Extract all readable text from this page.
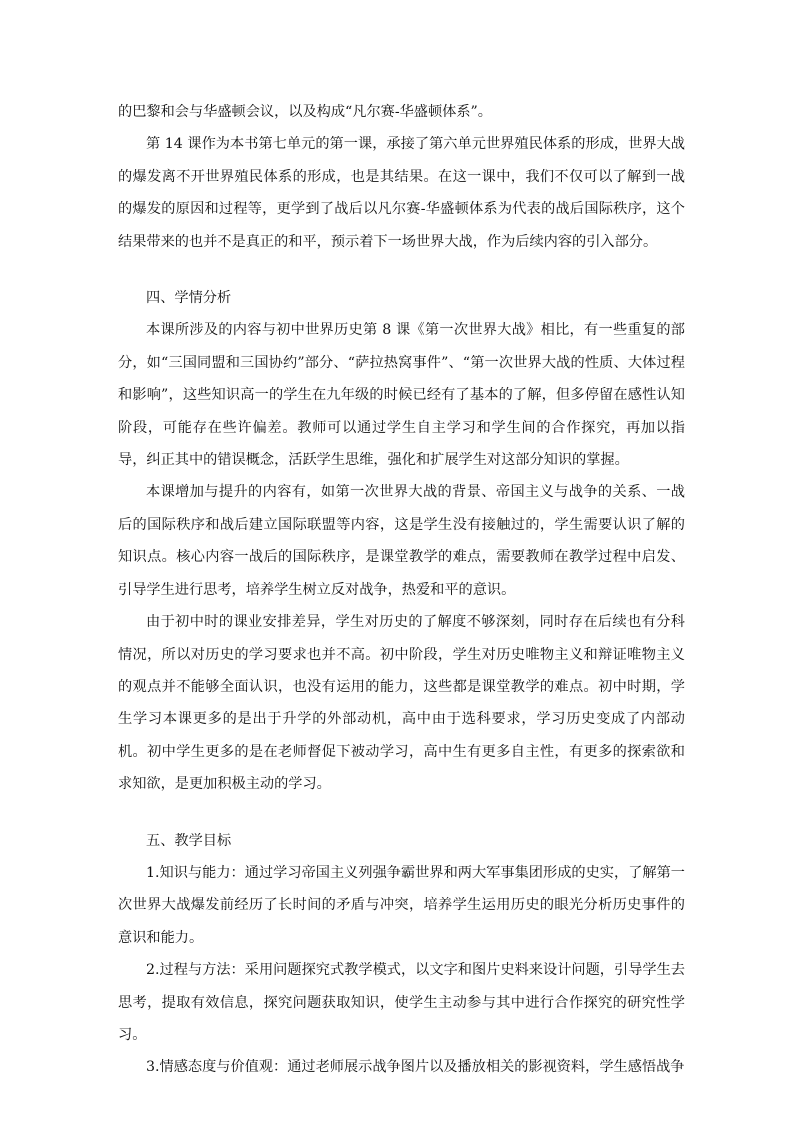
的巴黎和会与华盛顿会议，以及构成“凡尔赛-华盛顿体系”。

第 14 课作为本书第七单元的第一课，承接了第六单元世界殖民体系的形成，世界大战的爆发离不开世界殖民体系的形成，也是其结果。在这一课中，我们不仅可以了解到一战的爆发的原因和过程等，更学到了战后以凡尔赛-华盛顿体系为代表的战后国际秩序，这个结果带来的也并不是真正的和平，预示着下一场世界大战，作为后续内容的引入部分。

四、学情分析

本课所涉及的内容与初中世界历史第 8 课《第一次世界大战》相比，有一些重复的部分，如“三国同盟和三国协约”部分、“萨拉热窝事件”、“第一次世界大战的性质、大体过程和影响”，这些知识高一的学生在九年级的时候已经有了基本的了解，但多停留在感性认知阶段，可能存在些许偏差。教师可以通过学生自主学习和学生间的合作探究，再加以指导，纠正其中的错误概念，活跃学生思维，强化和扩展学生对这部分知识的掌握。

本课增加与提升的内容有，如第一次世界大战的背景、帝国主义与战争的关系、一战后的国际秩序和战后建立国际联盟等内容，这是学生没有接触过的，学生需要认识了解的知识点。核心内容一战后的国际秩序，是课堂教学的难点，需要教师在教学过程中启发、引导学生进行思考，培养学生树立反对战争，热爱和平的意识。

由于初中时的课业安排差异，学生对历史的了解度不够深刻，同时存在后续也有分科情况，所以对历史的学习要求也并不高。初中阶段，学生对历史唯物主义和辩证唯物主义的观点并不能够全面认识，也没有运用的能力，这些都是课堂教学的难点。初中时期，学生学习本课更多的是出于升学的外部动机，高中由于选科要求，学习历史变成了内部动机。初中学生更多的是在老师督促下被动学习，高中生有更多自主性，有更多的探索欲和求知欲，是更加积极主动的学习。

五、教学目标

1.知识与能力：通过学习帝国主义列强争霸世界和两大军事集团形成的史实，了解第一次世界大战爆发前经历了长时间的矛盾与冲突，培养学生运用历史的眼光分析历史事件的意识和能力。

2.过程与方法：采用问题探究式教学模式，以文字和图片史料来设计问题，引导学生去思考，提取有效信息，探究问题获取知识，使学生主动参与其中进行合作探究的研究性学习。

3.情感态度与价值观：通过老师展示战争图片以及播放相关的影视资料，学生感悟战争
